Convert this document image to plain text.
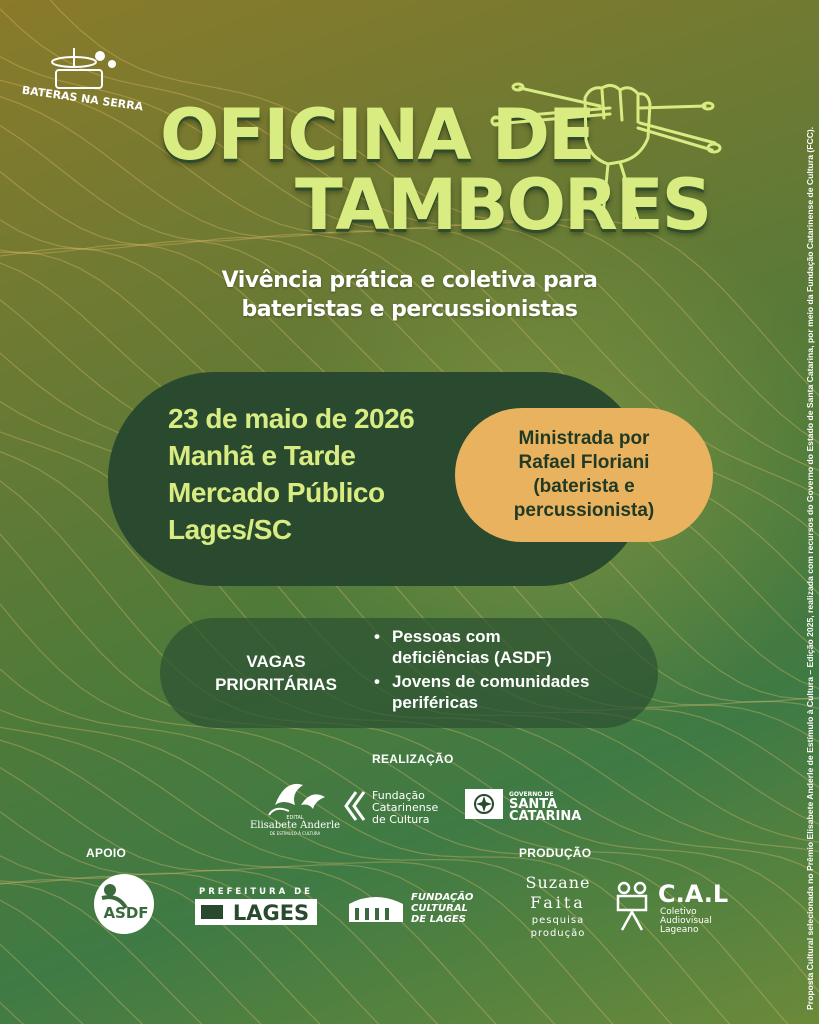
BATERAS NA SERRA OFICINA DE
TAMBORES
Vivência prática e coletiva para
bateristas e percussionistas
23 de maio de 2026
Manhã e Tarde
Mercado Público
Lages/SC
Ministrada por
Rafael Floriani
(baterista e
percussionista)
VAGAS
PRIORITÁRIAS
• Pessoas com
deficiências (ASDF)
• Jovens de comunidades
periféricas
REALIZAÇÃO
EDITAL
Elisabete Anderle
DE ESTÍMULO À CULTURA
Fundação
Catarinense
de Cultura
GOVERNO DE
SANTA
CATARINA
APOIO
ASDF
PREFEITURA DE
LAGES
FUNDAÇÃO
CULTURAL
DE LAGES
PRODUÇÃO
Suzane
Faita
pesquisa
produção
C.A.L
Coletivo
Audiovisual
Lageano	Proposta Cultural selecionada no Prêmio Elisabete Anderle de Estímulo à Cultura – Edição 2025, realizada com recursos do Governo do Estado de Santa Catarina, por meio da Fundação Catarinense de Cultura (FCC).
